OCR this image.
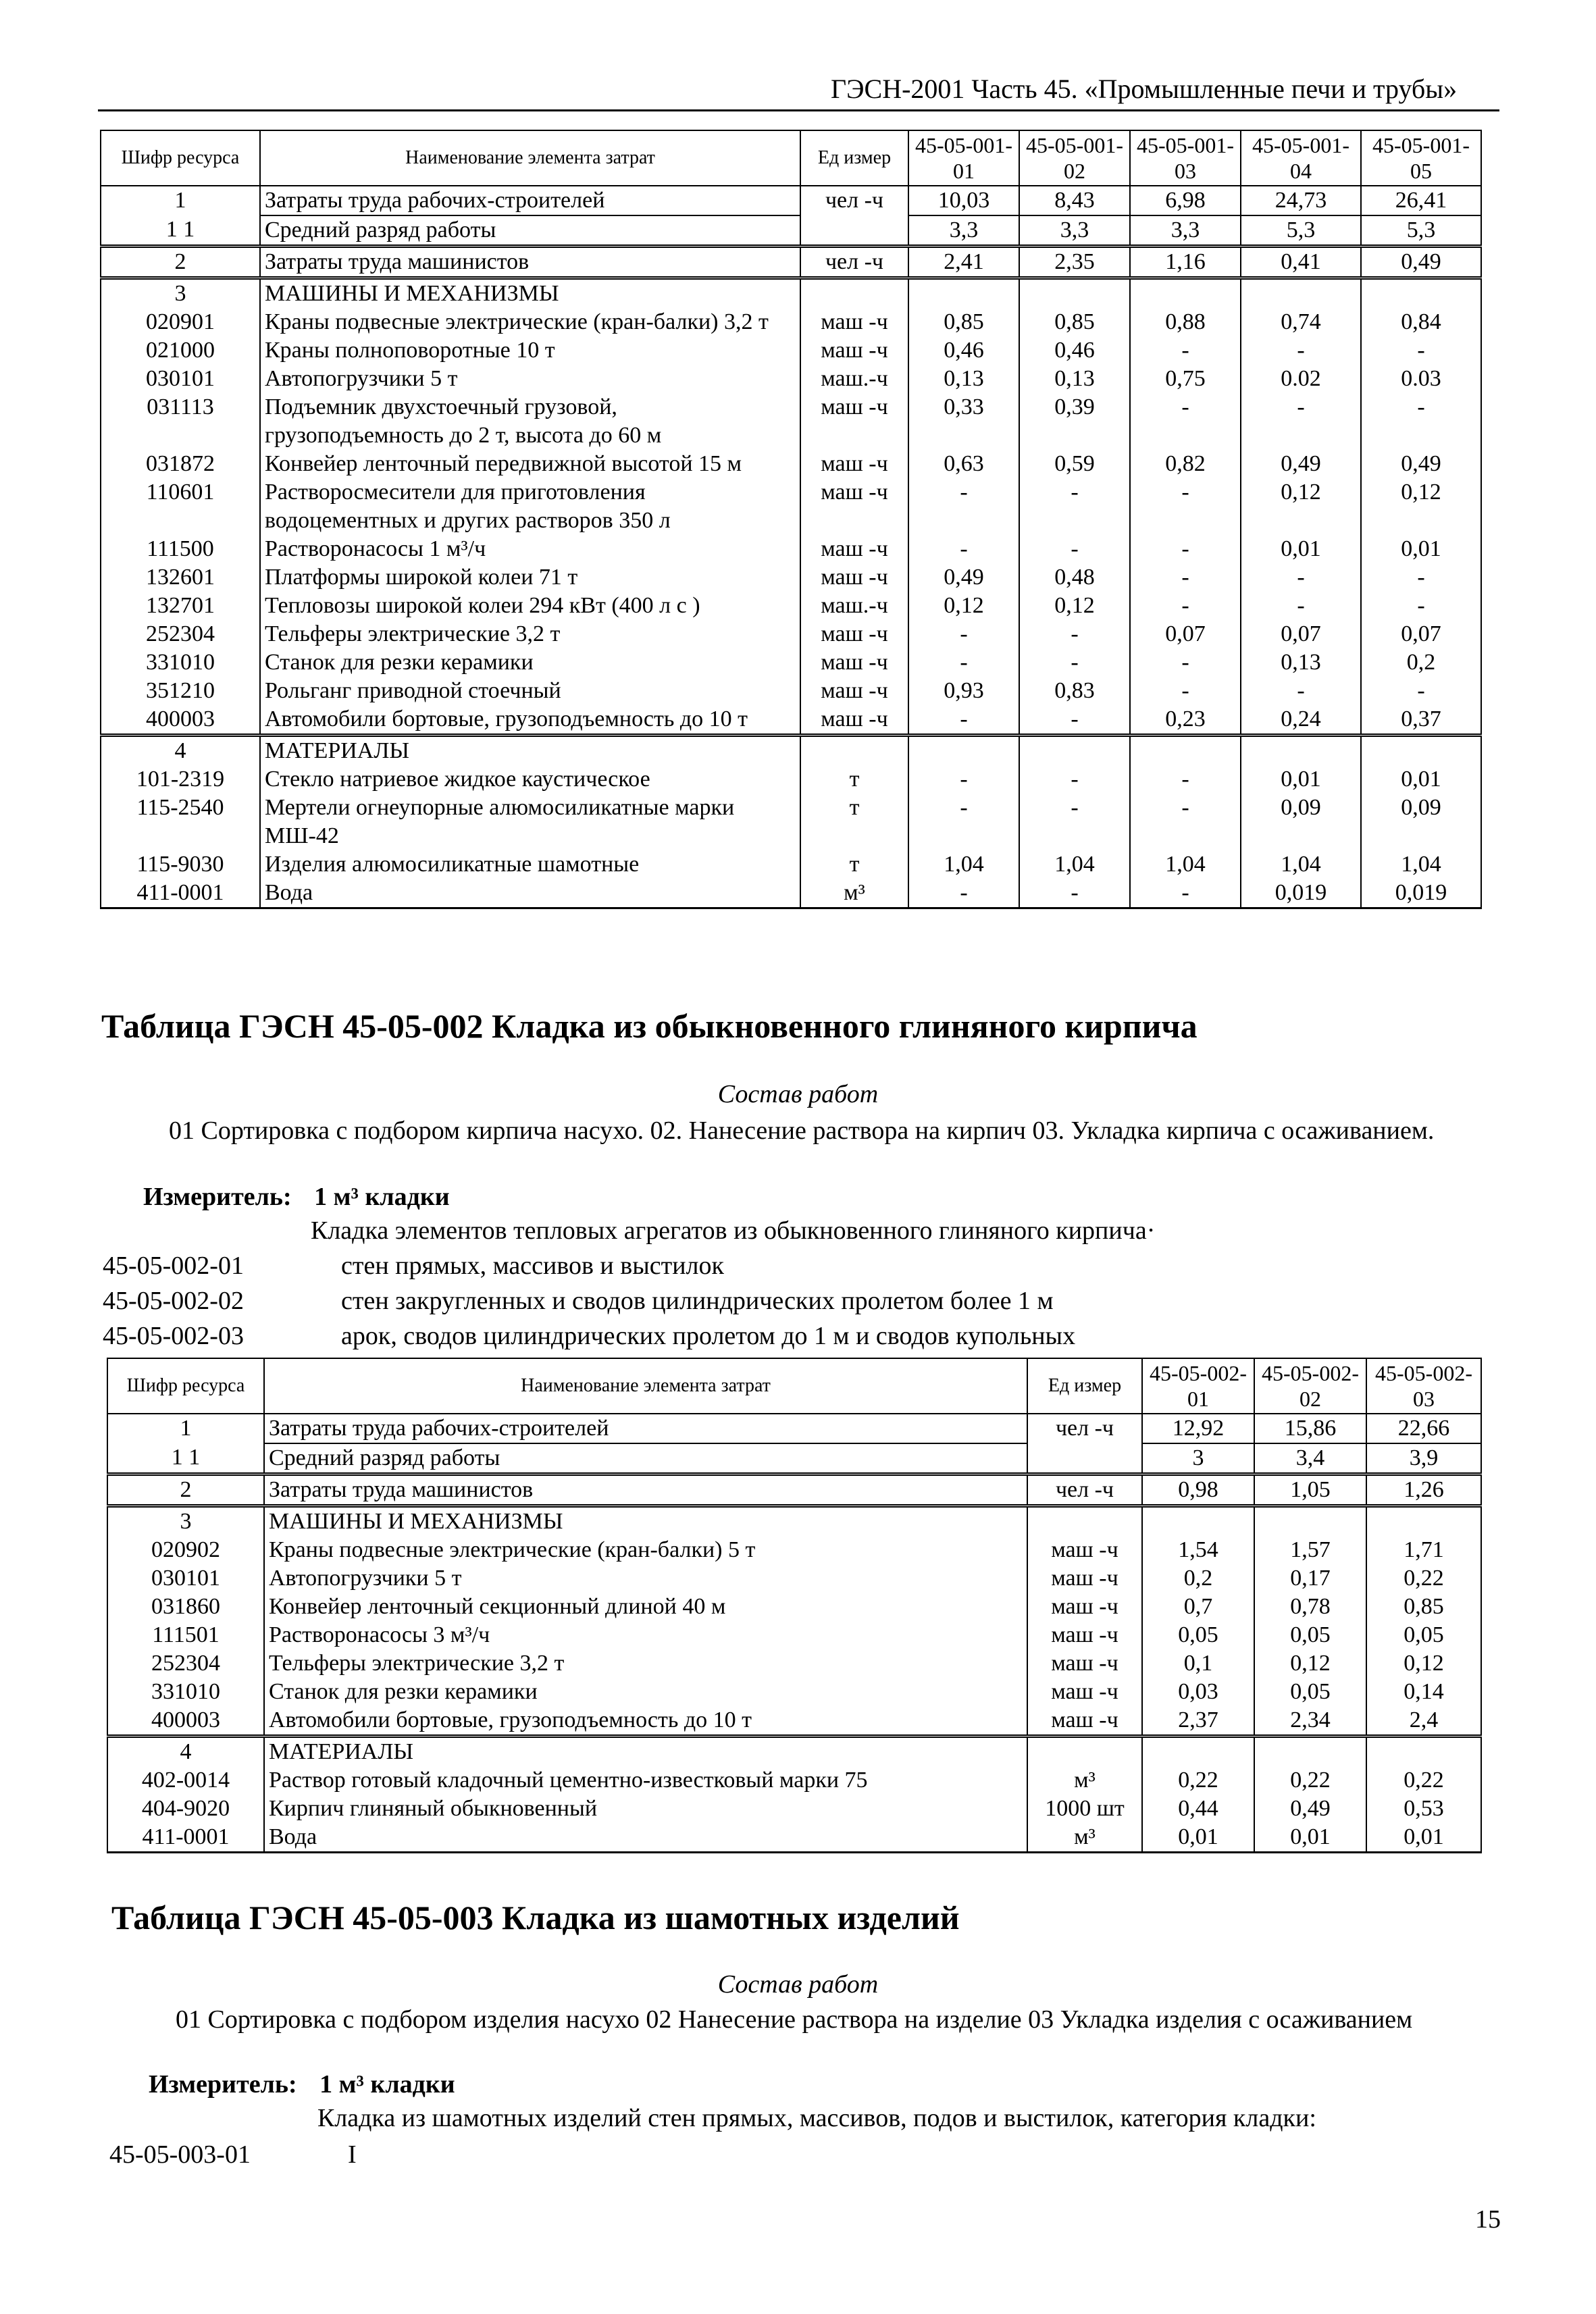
ГЭСН-2001 Часть 45. «Промышленные печи и трубы»
Шифр ресурса	Наименование элемента затрат	Ед измер	45-05-001-01	45-05-001-02	45-05-001-03	45-05-001-04	45-05-001-05
1	Затраты труда рабочих-строителей	чел -ч	10,03	8,43	6,98	24,73	26,41
1 1	Средний разряд работы		3,3	3,3	3,3	5,3	5,3
2	Затраты труда машинистов	чел -ч	2,41	2,35	1,16	0,41	0,49
3	МАШИНЫ И МЕХАНИЗМЫ						
020901	Краны подвесные электрические (кран-балки) 3,2 т	маш -ч	0,85	0,85	0,88	0,74	0,84
021000	Краны полноповоротные 10 т	маш -ч	0,46	0,46	-	-	-
030101	Автопогрузчики 5 т	маш.-ч	0,13	0,13	0,75	0.02	0.03
031113	Подъемник двухстоечный грузовой, грузоподъемность до 2 т, высота до 60 м	маш -ч	0,33	0,39	-	-	-
031872	Конвейер ленточный передвижной высотой 15 м	маш -ч	0,63	0,59	0,82	0,49	0,49
110601	Растворосмесители для приготовления водоцементных и других растворов 350 л	маш -ч	-	-	-	0,12	0,12
111500	Растворонасосы 1 м³/ч	маш -ч	-	-	-	0,01	0,01
132601	Платформы широкой колеи 71 т	маш -ч	0,49	0,48	-	-	-
132701	Тепловозы широкой колеи 294 кВт (400 л с )	маш.-ч	0,12	0,12	-	-	-
252304	Тельферы электрические 3,2 т	маш -ч	-	-	0,07	0,07	0,07
331010	Станок для резки керамики	маш -ч	-	-	-	0,13	0,2
351210	Рольганг приводной стоечный	маш -ч	0,93	0,83	-	-	-
400003	Автомобили бортовые, грузоподъемность до 10 т	маш -ч	-	-	0,23	0,24	0,37
4	МАТЕРИАЛЫ						
101-2319	Стекло натриевое жидкое каустическое	т	-	-	-	0,01	0,01
115-2540	Мертели огнеупорные алюмосиликатные марки МШ-42	т	-	-	-	0,09	0,09
115-9030	Изделия алюмосиликатные шамотные	т	1,04	1,04	1,04	1,04	1,04
411-0001	Вода	м³	-	-	-	0,019	0,019
Таблица ГЭСН 45-05-002 Кладка из обыкновенного глиняного кирпича
Состав работ
01 Сортировка с подбором кирпича насухо. 02. Нанесение раствора на кирпич 03. Укладка кирпича с осаживанием.
Измеритель: 1 м³ кладки
Кладка элементов тепловых агрегатов из обыкновенного глиняного кирпича·
45-05-002-01	стен прямых, массивов и выстилок
45-05-002-02	стен закругленных и сводов цилиндрических пролетом более 1 м
45-05-002-03	арок, сводов цилиндрических пролетом до 1 м и сводов купольных
Шифр ресурса	Наименование элемента затрат	Ед измер	45-05-002-01	45-05-002-02	45-05-002-03
1	Затраты труда рабочих-строителей	чел -ч	12,92	15,86	22,66
1 1	Средний разряд работы		3	3,4	3,9
2	Затраты труда машинистов	чел -ч	0,98	1,05	1,26
3	МАШИНЫ И МЕХАНИЗМЫ				
020902	Краны подвесные электрические (кран-балки) 5 т	маш -ч	1,54	1,57	1,71
030101	Автопогрузчики 5 т	маш -ч	0,2	0,17	0,22
031860	Конвейер ленточный секционный длиной 40 м	маш -ч	0,7	0,78	0,85
111501	Растворонасосы 3 м³/ч	маш -ч	0,05	0,05	0,05
252304	Тельферы электрические 3,2 т	маш -ч	0,1	0,12	0,12
331010	Станок для резки керамики	маш -ч	0,03	0,05	0,14
400003	Автомобили бортовые, грузоподъемность до 10 т	маш -ч	2,37	2,34	2,4
4	МАТЕРИАЛЫ				
402-0014	Раствор готовый кладочный цементно-известковый марки 75	м³	0,22	0,22	0,22
404-9020	Кирпич глиняный обыкновенный	1000 шт	0,44	0,49	0,53
411-0001	Вода	м³	0,01	0,01	0,01
Таблица ГЭСН 45-05-003 Кладка из шамотных изделий
Состав работ
01 Сортировка с подбором изделия насухо 02 Нанесение раствора на изделие 03 Укладка изделия с осаживанием
Измеритель: 1 м³ кладки
Кладка из шамотных изделий стен прямых, массивов, подов и выстилок, категория кладки:
45-05-003-01	I
15
